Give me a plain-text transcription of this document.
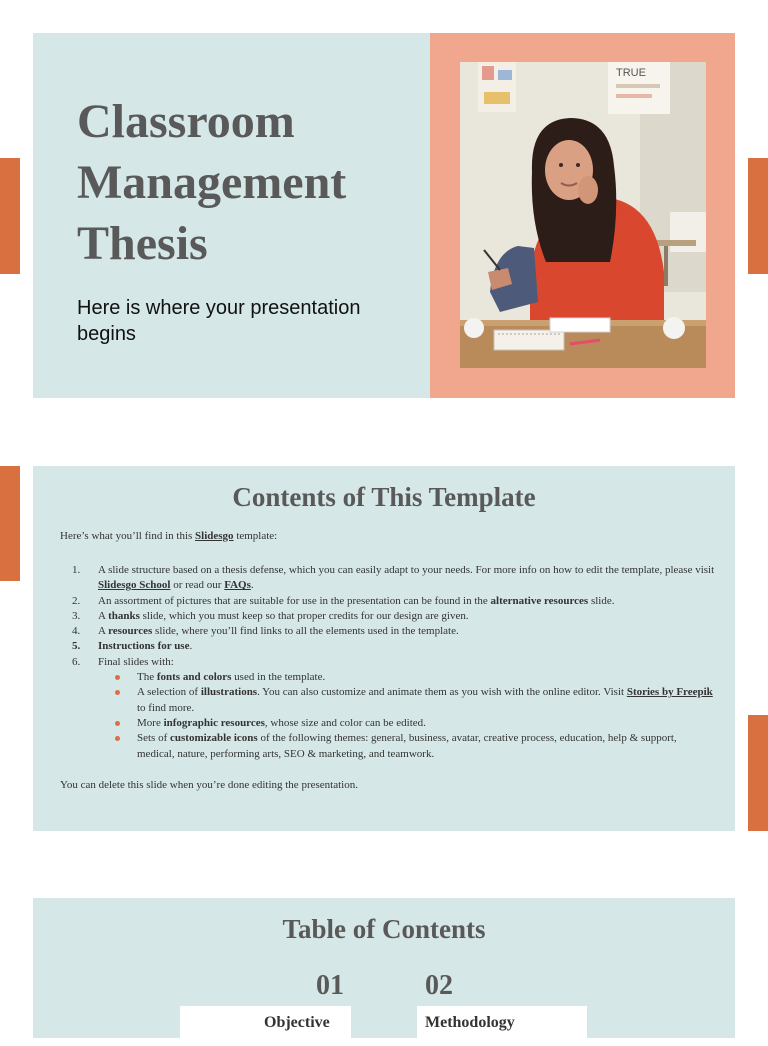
Classroom Management Thesis

Here is where your presentation begins

TRUE
Contents of This Template
Here’s what you’ll find in this Slidesgo template:
1. A slide structure based on a thesis defense, which you can easily adapt to your needs. For more info on how to edit the template, please visit Slidesgo School or read our FAQs.
2. An assortment of pictures that are suitable for use in the presentation can be found in the alternative resources slide.
3. A thanks slide, which you must keep so that proper credits for our design are given.
4. A resources slide, where you’ll find links to all the elements used in the template.
5. Instructions for use.
6. Final slides with:
The fonts and colors used in the template.
A selection of illustrations. You can also customize and animate them as you wish with the online editor. Visit Stories by Freepik to find more.
More infographic resources, whose size and color can be edited.
Sets of customizable icons of the following themes: general, business, avatar, creative process, education, help & support, medical, nature, performing arts, SEO & marketing, and teamwork.
You can delete this slide when you’re done editing the presentation.
Table of Contents
01	02
Objective	Methodology
